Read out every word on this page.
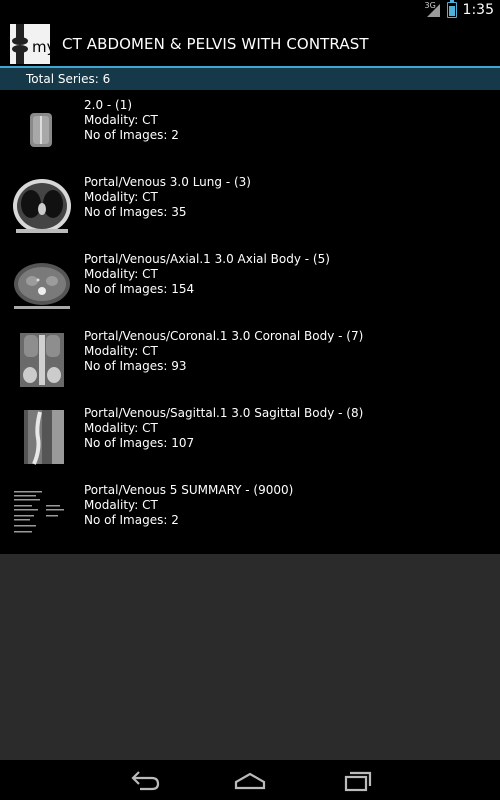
3G 1:35
my CT ABDOMEN & PELVIS WITH CONTRAST
Total Series: 6
2.0 - (1)
Modality: CT
No of Images: 2
Portal/Venous 3.0 Lung - (3)
Modality: CT
No of Images: 35
Portal/Venous/Axial.1 3.0 Axial Body - (5)
Modality: CT
No of Images: 154
Portal/Venous/Coronal.1 3.0 Coronal Body - (7)
Modality: CT
No of Images: 93
Portal/Venous/Sagittal.1 3.0 Sagittal Body - (8)
Modality: CT
No of Images: 107
Portal/Venous 5 SUMMARY - (9000)
Modality: CT
No of Images: 2
